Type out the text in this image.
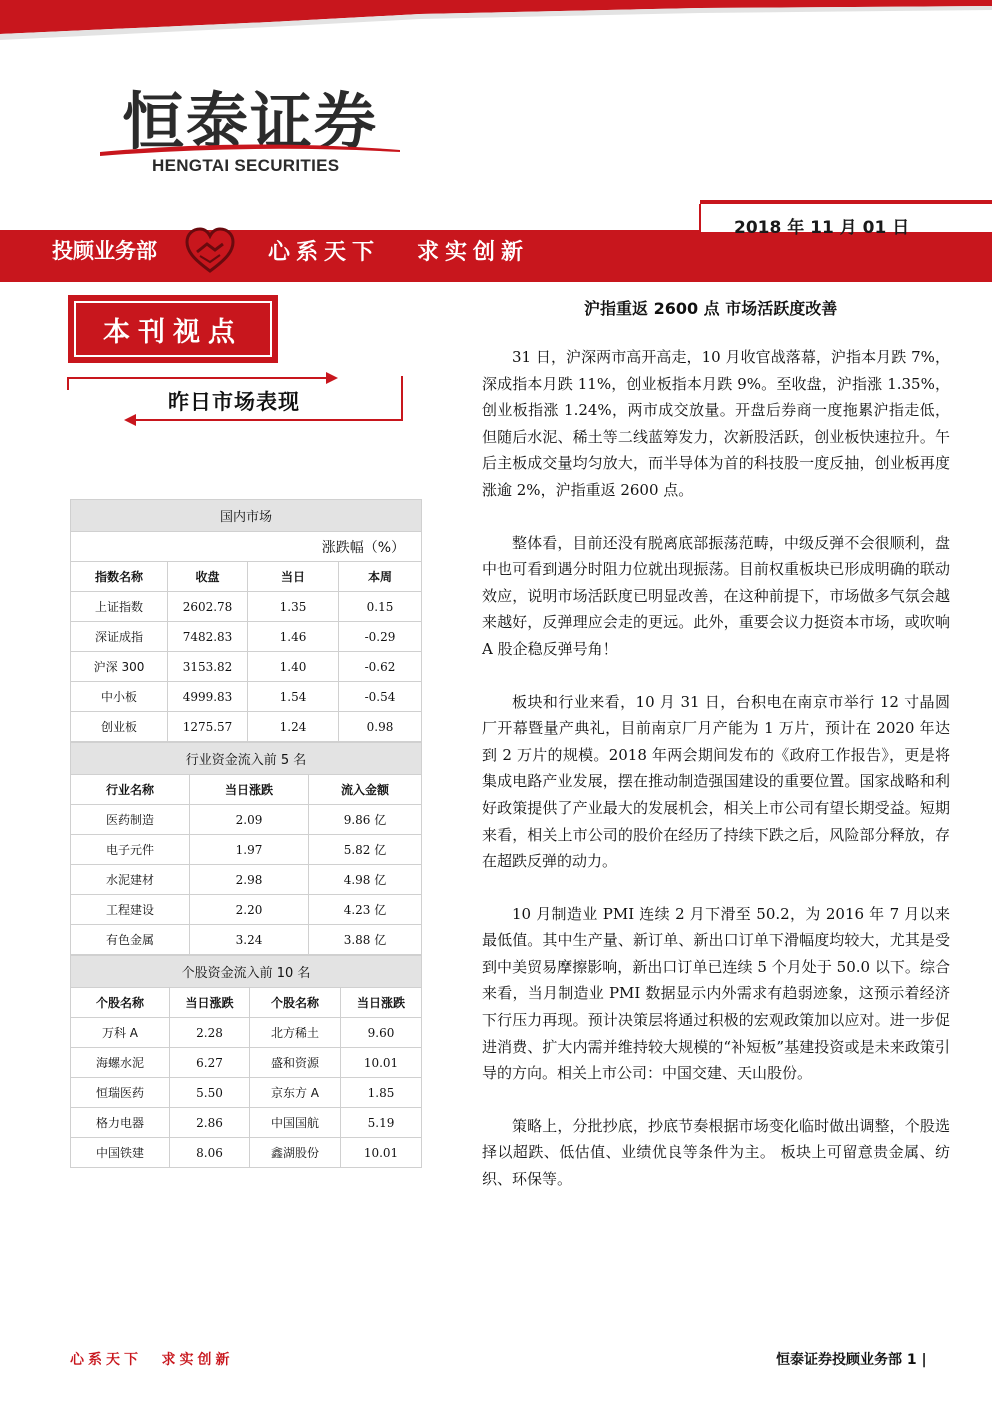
恒泰证券
HENGTAI SECURITIES
2018 年 11 月 01 日
投顾业务部	心系天下 求实创新
本刊视点
昨日市场表现
国内市场			
涨跌幅（%）			
指数名称	收盘	当日	本周
上证指数	2602.78	1.35	0.15
深证成指	7482.83	1.46	-0.29
沪深 300	3153.82	1.40	-0.62
中小板	4999.83	1.54	-0.54
创业板	1275.57	1.24	0.98
行业资金流入前 5 名		
行业名称	当日涨跌	流入金额
医药制造	2.09	9.86 亿
电子元件	1.97	5.82 亿
水泥建材	2.98	4.98 亿
工程建设	2.20	4.23 亿
有色金属	3.24	3.88 亿
个股资金流入前 10 名			
个股名称	当日涨跌	个股名称	当日涨跌
万科 A	2.28	北方稀土	9.60
海螺水泥	6.27	盛和资源	10.01
恒瑞医药	5.50	京东方 A	1.85
格力电器	2.86	中国国航	5.19
中国铁建	8.06	鑫湖股份	10.01
沪指重返 2600 点 市场活跃度改善

31 日，沪深两市高开高走，10 月收官战落幕，沪指本月跌 7%，深成指本月跌 11%，创业板指本月跌 9%。至收盘，沪指涨 1.35%，创业板指涨 1.24%，两市成交放量。开盘后券商一度拖累沪指走低，但随后水泥、稀土等二线蓝筹发力，次新股活跃，创业板快速拉升。午后主板成交量均匀放大，而半导体为首的科技股一度反抽，创业板再度涨逾 2%，沪指重返 2600 点。

整体看，目前还没有脱离底部振荡范畴，中级反弹不会很顺利，盘中也可看到遇分时阻力位就出现振荡。目前权重板块已形成明确的联动效应，说明市场活跃度已明显改善，在这种前提下，市场做多气氛会越来越好，反弹理应会走的更远。此外，重要会议力挺资本市场，或吹响 A 股企稳反弹号角！

板块和行业来看，10 月 31 日，台积电在南京市举行 12 寸晶圆厂开幕暨量产典礼，目前南京厂月产能为 1 万片，预计在 2020 年达到 2 万片的规模。2018 年两会期间发布的《政府工作报告》，更是将集成电路产业发展，摆在推动制造强国建设的重要位置。国家战略和利好政策提供了产业最大的发展机会，相关上市公司有望长期受益。短期来看，相关上市公司的股价在经历了持续下跌之后，风险部分释放，存在超跌反弹的动力。

10 月制造业 PMI 连续 2 月下滑至 50.2，为 2016 年 7 月以来最低值。其中生产量、新订单、新出口订单下滑幅度均较大，尤其是受到中美贸易摩擦影响，新出口订单已连续 5 个月处于 50.0 以下。综合来看，当月制造业 PMI 数据显示内外需求有趋弱迹象，这预示着经济下行压力再现。预计决策层将通过积极的宏观政策加以应对。进一步促进消费、扩大内需并维持较大规模的“补短板”基建投资或是未来政策引导的方向。相关上市公司：中国交建、天山股份。

策略上，分批抄底，抄底节奏根据市场变化临时做出调整，个股选择以超跌、低估值、业绩优良等条件为主。 板块上可留意贵金属、纺织、环保等。

心系天下 求实创新	恒泰证券投顾业务部 1 |
